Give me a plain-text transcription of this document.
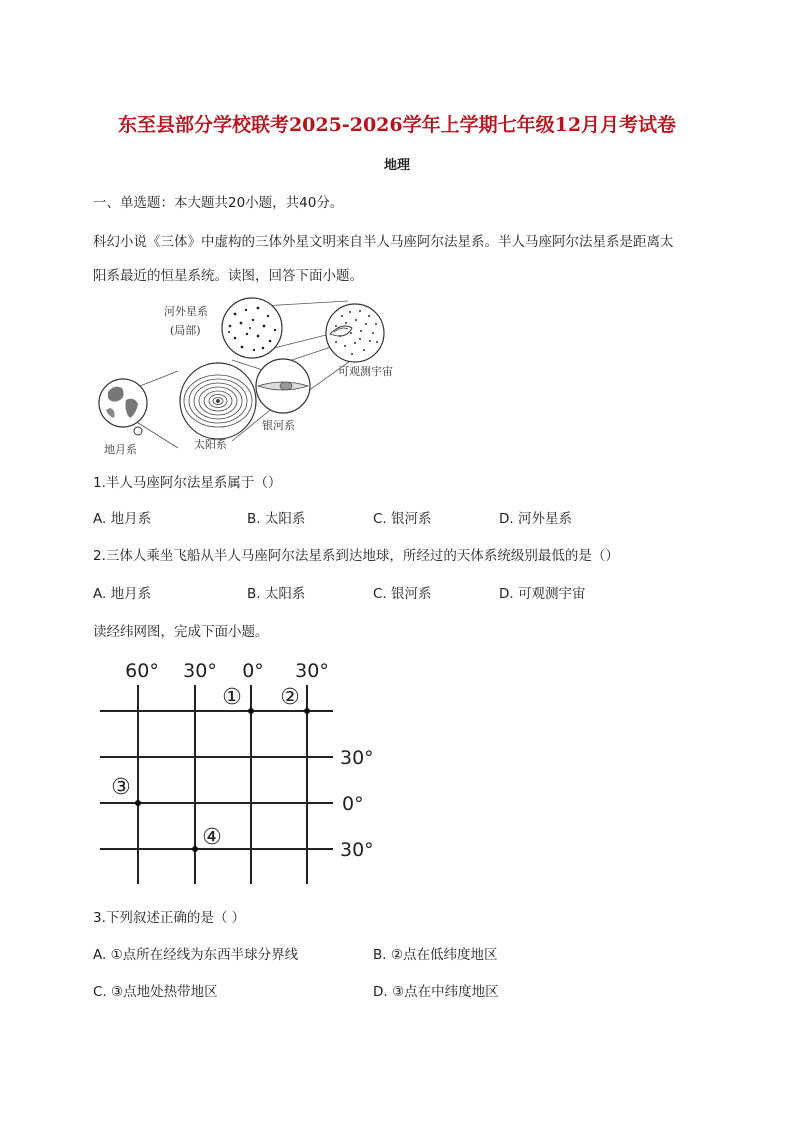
东至县部分学校联考2025-2026学年上学期七年级12月月考试卷
地理
一、单选题：本大题共20小题，共40分。
科幻小说《三体》中虚构的三体外星文明来自半人马座阿尔法星系。半人马座阿尔法星系是距离太
阳系最近的恒星系统。读图，回答下面小题。
河外星系
(局部)
可观测宇宙
地月系	太阳系
银河系
1.半人马座阿尔法星系属于（）
A. 地月系	B. 太阳系	C. 银河系	D. 河外星系
2.三体人乘坐飞船从半人马座阿尔法星系到达地球，所经过的天体系统级别最低的是（）
A. 地月系	B. 太阳系	C. 银河系	D. 可观测宇宙
读经纬网图，完成下面小题。
60° 30° 0° 30°
30°
0°
30°
① ②
③
④
3.下列叙述正确的是（ ）
A. ①点所在经线为东西半球分界线	B. ②点在低纬度地区
C. ③点地处热带地区	D. ③点在中纬度地区
